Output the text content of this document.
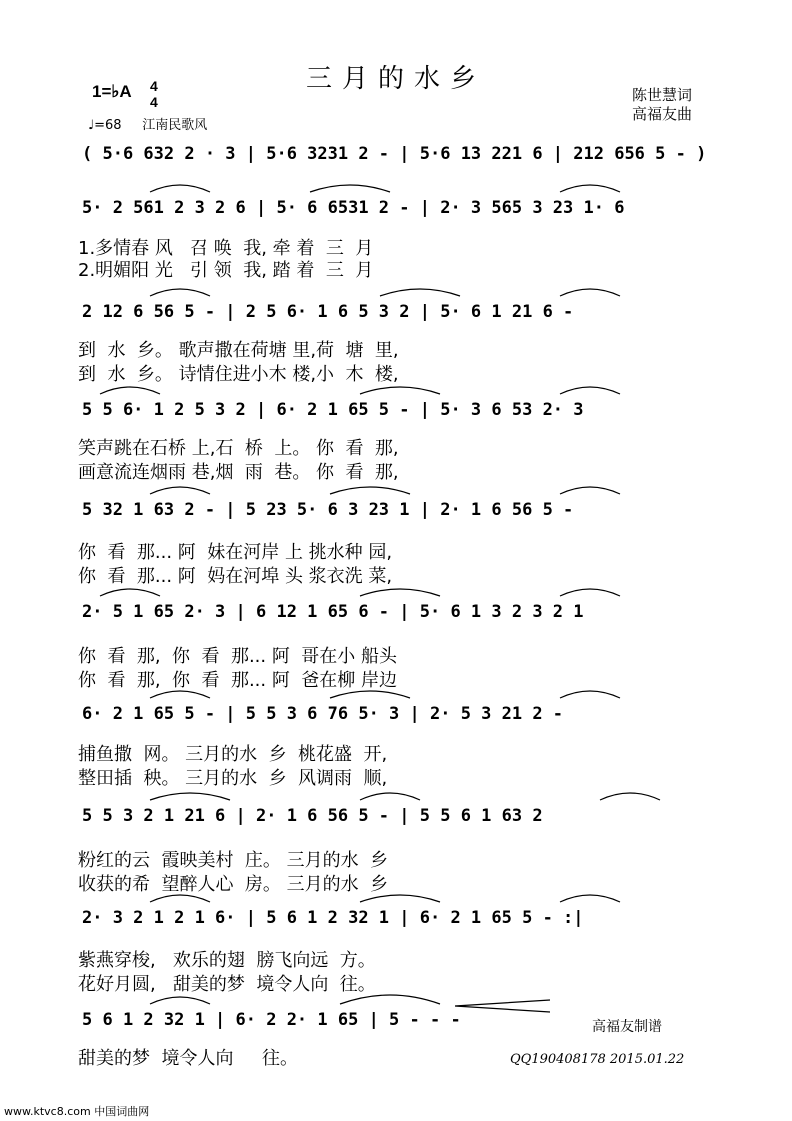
三月的水乡
1=♭A 4
4
♩=68 江南民歌风
陈世慧词
高福友曲
( 5·6 632 2 · 3 | 5·6 3231 2 - | 5·6 13 221 6 | 212 656 5 - )
5· 2 561 2 3 2 6 | 5· 6 6531 2 - | 2· 3 565 3 23 1· 6
1.多情春 风   召 唤  我, 牵 着  三  月
2.明媚阳 光   引 领  我, 踏 着  三  月
2 12 6 56 5 - | 2 5 6· 1 6 5 3 2 | 5· 6 1 21 6 -
到  水  乡。 歌声撒在荷塘 里,荷  塘  里,
到  水  乡。 诗情住进小木 楼,小  木  楼,
5 5 6· 1 2 5 3 2 | 6· 2 1 65 5 - | 5· 3 6 53 2· 3
笑声跳在石桥 上,石  桥  上。 你  看  那,
画意流连烟雨 巷,烟  雨  巷。 你  看  那,
5 32 1 63 2 - | 5 23 5· 6 3 23 1 | 2· 1 6 56 5 -
你  看  那... 阿  妹在河岸 上 挑水种 园,
你  看  那... 阿  妈在河埠 头 浆衣洗 菜,
2· 5 1 65 2· 3 | 6 12 1 65 6 - | 5· 6 1 3 2 3 2 1
你  看  那,  你  看  那... 阿  哥在小 船头
你  看  那,  你  看  那... 阿  爸在柳 岸边
6· 2 1 65 5 - | 5 5 3 6 76 5· 3 | 2· 5 3 21 2 -
捕鱼撒  网。 三月的水  乡  桃花盛  开,
整田插  秧。 三月的水  乡  风调雨  顺,
5 5 3 2 1 21 6 | 2· 1 6 56 5 - | 5 5 6 1 63 2
粉红的云  霞映美村  庄。 三月的水  乡
收获的希  望醉人心  房。 三月的水  乡
2· 3 2 1 2 1 6· | 5 6 1 2 32 1 | 6· 2 1 65 5 - :|
紫燕穿梭,   欢乐的翅  膀飞向远  方。
花好月圆,   甜美的梦  境令人向  往。
5 6 1 2 32 1 | 6· 2 2· 1 65 | 5 - - -
甜美的梦  境令人向     往。
高福友制谱
QQ190408178 2015.01.22
www.ktvc8.com 中国词曲网
